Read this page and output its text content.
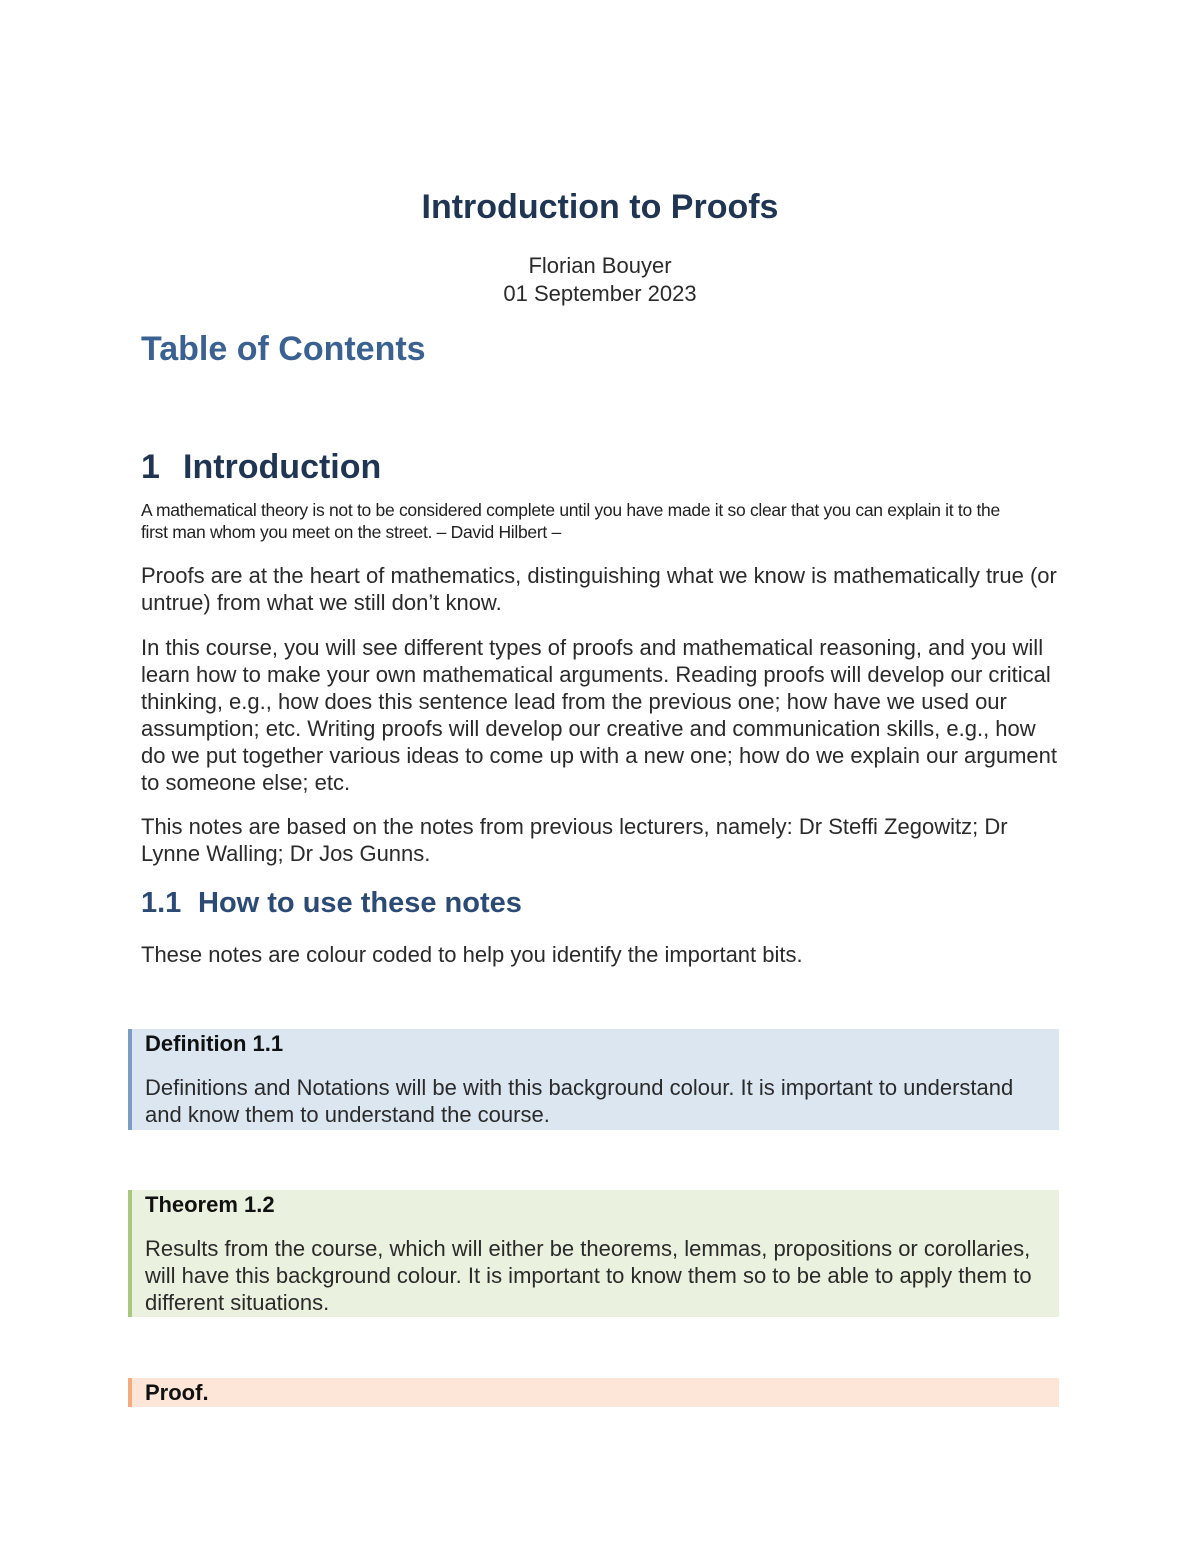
Introduction to Proofs
Florian Bouyer
01 September 2023
Table of Contents
1 Introduction
A mathematical theory is not to be considered complete until you have made it so clear that you can explain it to the first man whom you meet on the street. – David Hilbert –

Proofs are at the heart of mathematics, distinguishing what we know is mathematically true (or untrue) from what we still don’t know.

In this course, you will see different types of proofs and mathematical reasoning, and you will learn how to make your own mathematical arguments. Reading proofs will develop our critical thinking, e.g., how does this sentence lead from the previous one; how have we used our assumption; etc. Writing proofs will develop our creative and communication skills, e.g., how do we put together various ideas to come up with a new one; how do we explain our argument to someone else; etc.

This notes are based on the notes from previous lecturers, namely: Dr Steffi Zegowitz; Dr Lynne Walling; Dr Jos Gunns.

1.1 How to use these notes

These notes are colour coded to help you identify the important bits.

Definition 1.1
Definitions and Notations will be with this background colour. It is important to understand and know them to understand the course.
Theorem 1.2
Results from the course, which will either be theorems, lemmas, propositions or corollaries, will have this background colour. It is important to know them so to be able to apply them to different situations.
Proof.
